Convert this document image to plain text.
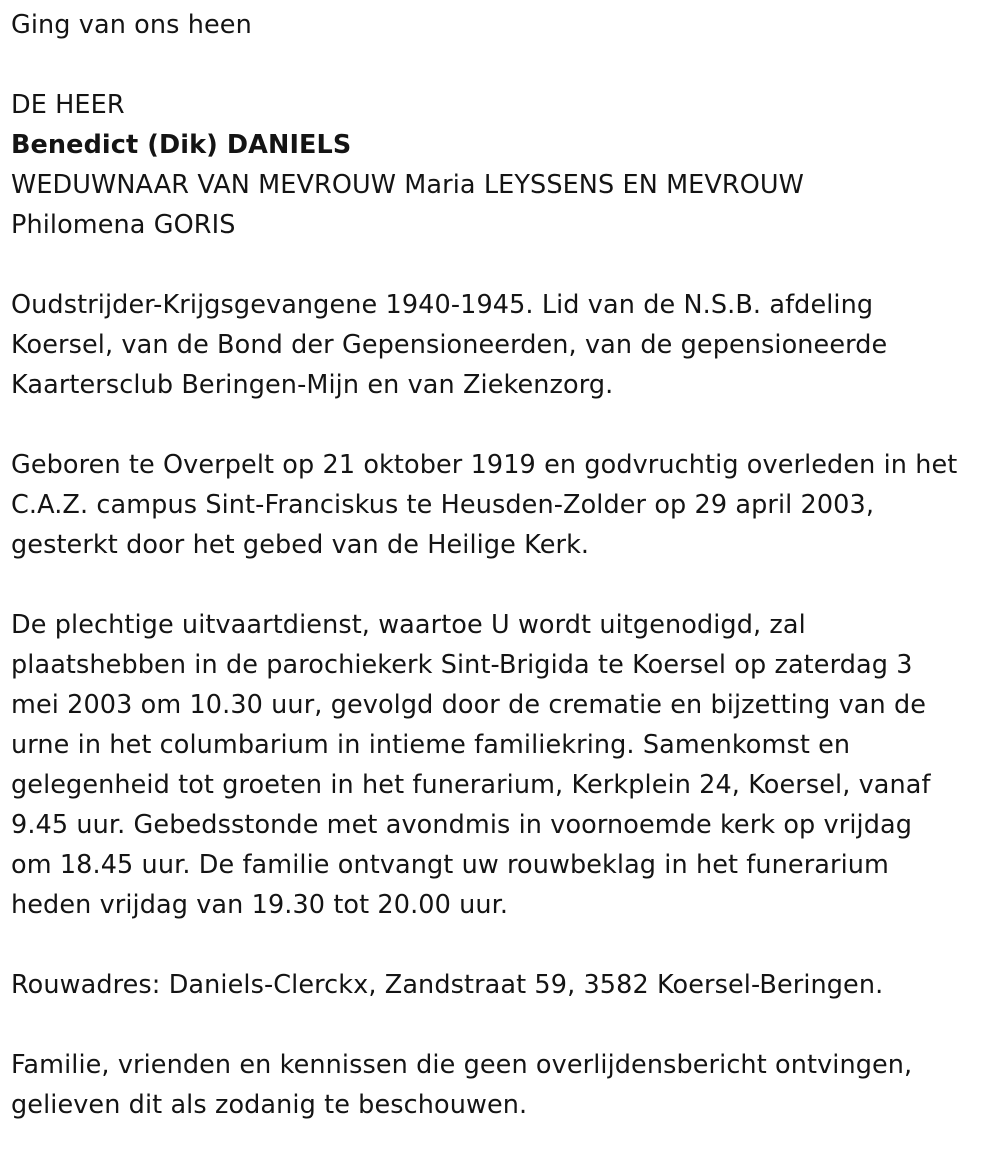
Ging van ons heen
DE HEER
Benedict (Dik) DANIELS
WEDUWNAAR VAN MEVROUW Maria LEYSSENS EN MEVROUW
Philomena GORIS
Oudstrijder-Krijgsgevangene 1940-1945. Lid van de N.S.B. afdeling
Koersel, van de Bond der Gepensioneerden, van de gepensioneerde
Kaartersclub Beringen-Mijn en van Ziekenzorg.
Geboren te Overpelt op 21 oktober 1919 en godvruchtig overleden in het
C.A.Z. campus Sint-Franciskus te Heusden-Zolder op 29 april 2003,
gesterkt door het gebed van de Heilige Kerk.
De plechtige uitvaartdienst, waartoe U wordt uitgenodigd, zal
plaatshebben in de parochiekerk Sint-Brigida te Koersel op zaterdag 3
mei 2003 om 10.30 uur, gevolgd door de crematie en bijzetting van de
urne in het columbarium in intieme familiekring. Samenkomst en
gelegenheid tot groeten in het funerarium, Kerkplein 24, Koersel, vanaf
9.45 uur. Gebedsstonde met avondmis in voornoemde kerk op vrijdag
om 18.45 uur. De familie ontvangt uw rouwbeklag in het funerarium
heden vrijdag van 19.30 tot 20.00 uur.
Rouwadres: Daniels-Clerckx, Zandstraat 59, 3582 Koersel-Beringen.
Familie, vrienden en kennissen die geen overlijdensbericht ontvingen,
gelieven dit als zodanig te beschouwen.
